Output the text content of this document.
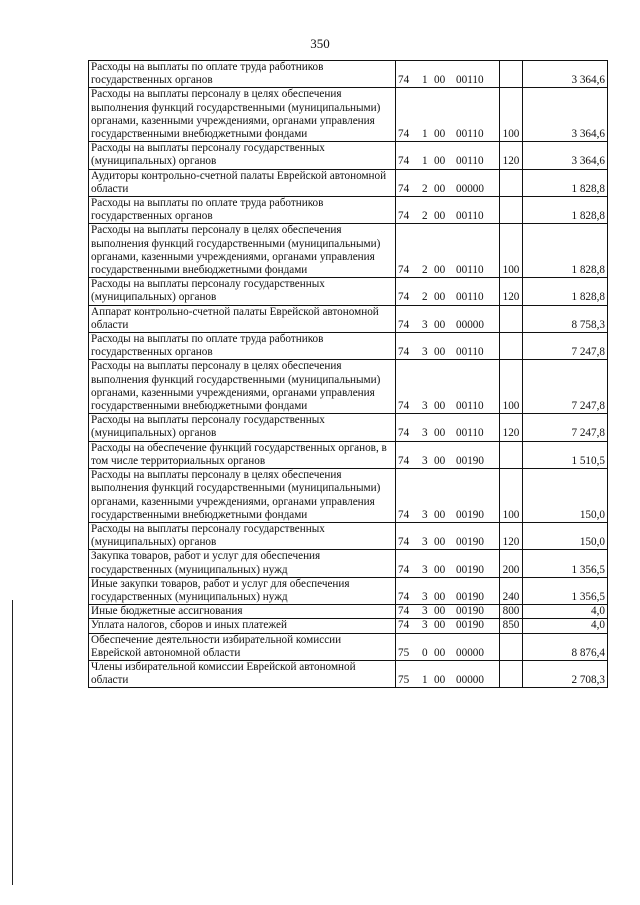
350
Расходы на выплаты по оплате труда работников государственных органов	74 1 00 00110		3 364,6
Расходы на выплаты персоналу в целях обеспечения выполнения функций государственными (муниципальными) органами, казенными учреждениями, органами управления государственными внебюджетными фондами	74 1 00 00110	100	3 364,6
Расходы на выплаты персоналу государственных (муниципальных) органов	74 1 00 00110	120	3 364,6
Аудиторы контрольно-счетной палаты Еврейской автономной области	74 2 00 00000		1 828,8
Расходы на выплаты по оплате труда работников государственных органов	74 2 00 00110		1 828,8
Расходы на выплаты персоналу в целях обеспечения выполнения функций государственными (муниципальными) органами, казенными учреждениями, органами управления государственными внебюджетными фондами	74 2 00 00110	100	1 828,8
Расходы на выплаты персоналу государственных (муниципальных) органов	74 2 00 00110	120	1 828,8
Аппарат контрольно-счетной палаты Еврейской автономной области	74 3 00 00000		8 758,3
Расходы на выплаты по оплате труда работников государственных органов	74 3 00 00110		7 247,8
Расходы на выплаты персоналу в целях обеспечения выполнения функций государственными (муниципальными) органами, казенными учреждениями, органами управления государственными внебюджетными фондами	74 3 00 00110	100	7 247,8
Расходы на выплаты персоналу государственных (муниципальных) органов	74 3 00 00110	120	7 247,8
Расходы на обеспечение функций государственных органов, в том числе территориальных органов	74 3 00 00190		1 510,5
Расходы на выплаты персоналу в целях обеспечения выполнения функций государственными (муниципальными) органами, казенными учреждениями, органами управления государственными внебюджетными фондами	74 3 00 00190	100	150,0
Расходы на выплаты персоналу государственных (муниципальных) органов	74 3 00 00190	120	150,0
Закупка товаров, работ и услуг для обеспечения государственных (муниципальных) нужд	74 3 00 00190	200	1 356,5
Иные закупки товаров, работ и услуг для обеспечения государственных (муниципальных) нужд	74 3 00 00190	240	1 356,5
Иные бюджетные ассигнования	74 3 00 00190	800	4,0
Уплата налогов, сборов и иных платежей	74 3 00 00190	850	4,0
Обеспечение деятельности избирательной комиссии Еврейской автономной области	75 0 00 00000		8 876,4
Члены избирательной комиссии Еврейской автономной области	75 1 00 00000		2 708,3
